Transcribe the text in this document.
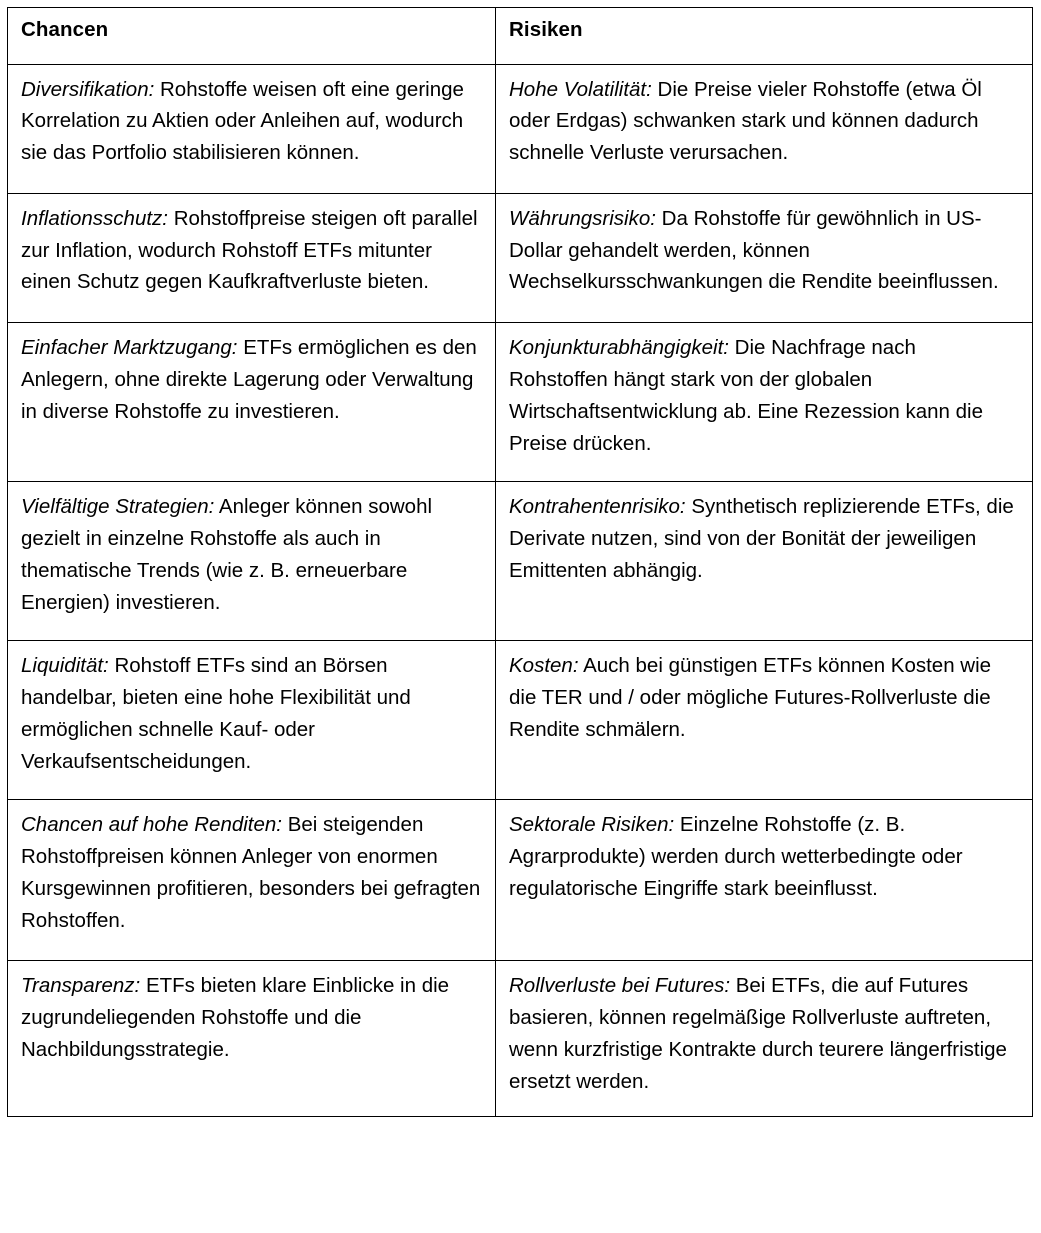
Chancen	Risiken
Diversifikation: Rohstoffe weisen oft eine geringe Korrelation zu Aktien oder Anleihen auf, wodurch sie das Portfolio stabilisieren können.	Hohe Volatilität: Die Preise vieler Rohstoffe (etwa Öl oder Erdgas) schwanken stark und können dadurch schnelle Verluste verursachen.
Inflationsschutz: Rohstoffpreise steigen oft parallel zur Inflation, wodurch Rohstoff ETFs mitunter einen Schutz gegen Kaufkraftverluste bieten.	Währungsrisiko: Da Rohstoffe für gewöhnlich in US-Dollar gehandelt werden, können Wechselkursschwankungen die Rendite beeinflussen.
Einfacher Marktzugang: ETFs ermöglichen es den Anlegern, ohne direkte Lagerung oder Verwaltung in diverse Rohstoffe zu investieren.	Konjunkturabhängigkeit: Die Nachfrage nach Rohstoffen hängt stark von der globalen Wirtschaftsentwicklung ab. Eine Rezession kann die Preise drücken.
Vielfältige Strategien: Anleger können sowohl gezielt in einzelne Rohstoffe als auch in thematische Trends (wie z. B. erneuerbare Energien) investieren.	Kontrahentenrisiko: Synthetisch replizierende ETFs, die Derivate nutzen, sind von der Bonität der jeweiligen Emittenten abhängig.
Liquidität: Rohstoff ETFs sind an Börsen handelbar, bieten eine hohe Flexibilität und ermöglichen schnelle Kauf- oder Verkaufsentscheidungen.	Kosten: Auch bei günstigen ETFs können Kosten wie die TER und / oder mögliche Futures-Rollverluste die Rendite schmälern.
Chancen auf hohe Renditen: Bei steigenden Rohstoffpreisen können Anleger von enormen Kursgewinnen profitieren, besonders bei gefragten Rohstoffen.	Sektorale Risiken: Einzelne Rohstoffe (z. B. Agrarprodukte) werden durch wetterbedingte oder regulatorische Eingriffe stark beeinflusst.
Transparenz: ETFs bieten klare Einblicke in die zugrundeliegenden Rohstoffe und die Nachbildungsstrategie.	Rollverluste bei Futures: Bei ETFs, die auf Futures basieren, können regelmäßige Rollverluste auftreten, wenn kurzfristige Kontrakte durch teurere längerfristige ersetzt werden.
